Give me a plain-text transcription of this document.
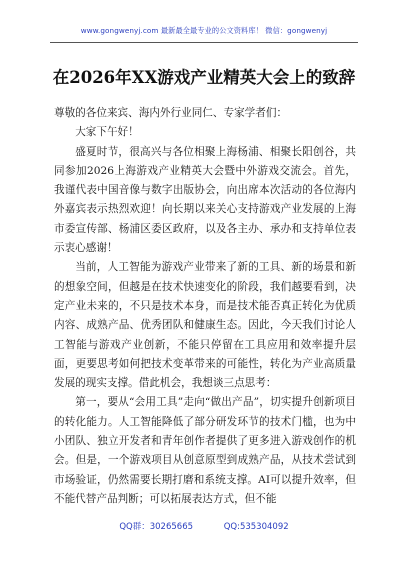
www.gongwenyj.com 最新最全最专业的公文资料库！ 微信：gongwenyj
在2026年XX游戏产业精英大会上的致辞

尊敬的各位来宾、海内外行业同仁、专家学者们：

大家下午好！

盛夏时节，很高兴与各位相聚上海杨浦、相聚长阳创谷，共同参加2026上海游戏产业精英大会暨中外游戏交流会。首先，我谨代表中国音像与数字出版协会，向出席本次活动的各位海内外嘉宾表示热烈欢迎！向长期以来关心支持游戏产业发展的上海市委宣传部、杨浦区委区政府，以及各主办、承办和支持单位表示衷心感谢！

当前，人工智能为游戏产业带来了新的工具、新的场景和新的想象空间，但越是在技术快速变化的阶段，我们越要看到，决定产业未来的，不只是技术本身，而是技术能否真正转化为优质内容、成熟产品、优秀团队和健康生态。因此，今天我们讨论人工智能与游戏产业创新，不能只停留在工具应用和效率提升层面，更要思考如何把技术变革带来的可能性，转化为产业高质量发展的现实支撑。借此机会，我想谈三点思考：

第一，要从“会用工具”走向“做出产品”，切实提升创新项目的转化能力。人工智能降低了部分研发环节的技术门槛，也为中小团队、独立开发者和青年创作者提供了更多进入游戏创作的机会。但是，一个游戏项目从创意原型到成熟产品，从技术尝试到市场验证，仍然需要长期打磨和系统支撑。AI可以提升效率，但不能代替产品判断；可以拓展表达方式，但不能

QQ群：30265665	QQ:535304092
